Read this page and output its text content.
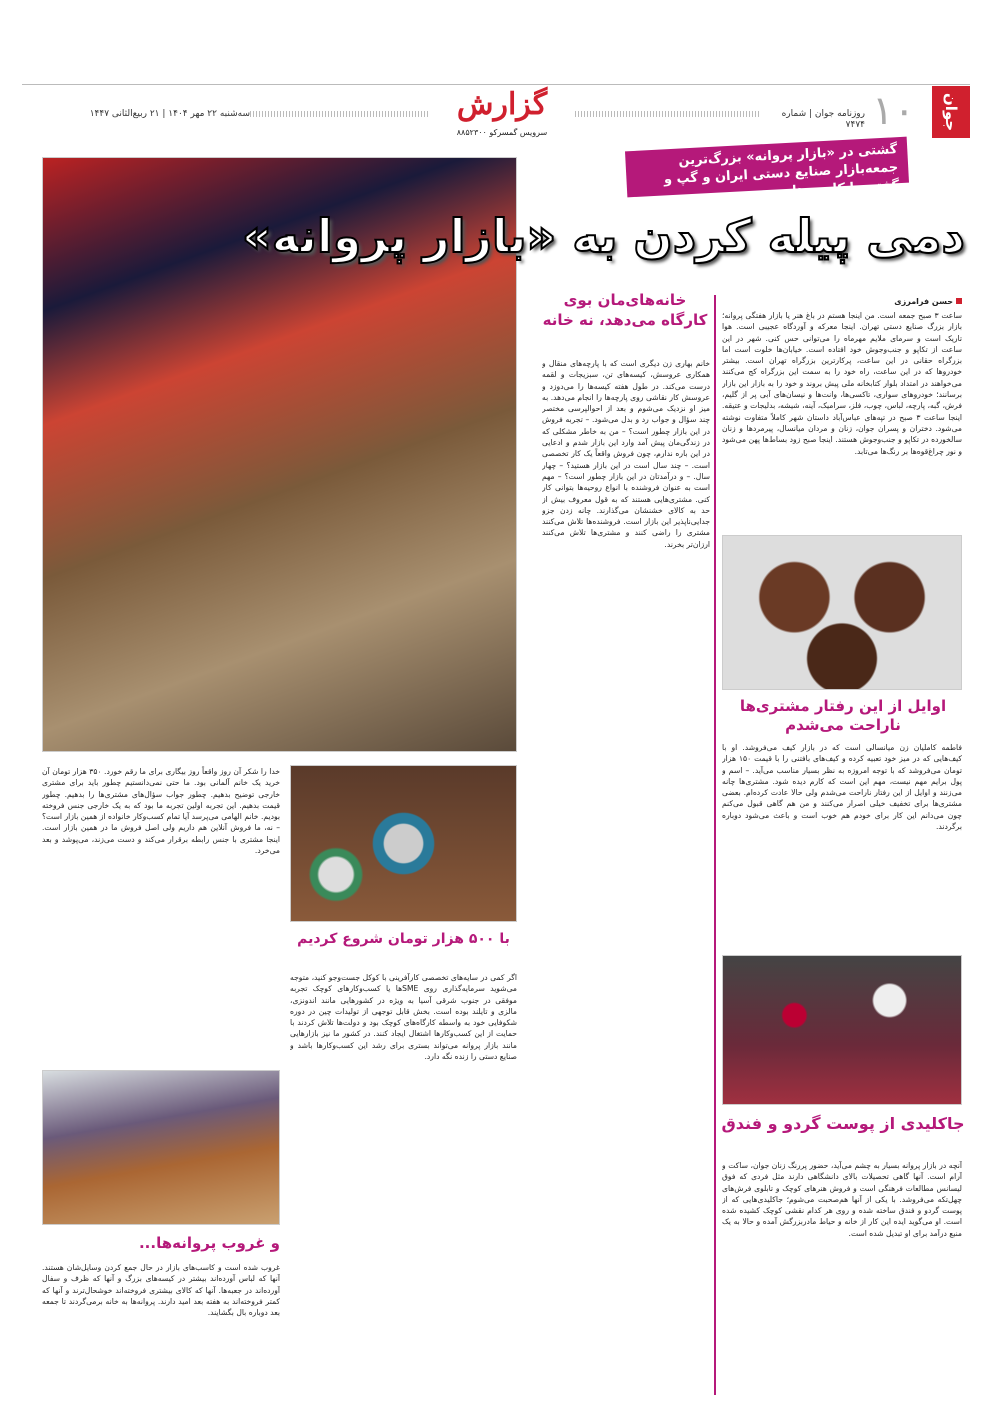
جوان
۱۰
روزنامه جوان | شماره ۷۴۷۴
گزارش
سرویس گمسرکو ۸۸۵۲۳۰۰
سه‌شنبه ۲۲ مهر ۱۴۰۴ | ۲۱ ربیع‌الثانی ۱۴۴۷
گشتی در «بازار پروانه» بزرگ‌ترین جمعه‌بازار صنایع دستی ایران و گپ و گفتی با کاسب‌ها
دمی پیله کردن به «بازار پروانه»
حسن فرامرزی
ساعت ۳ صبح جمعه است. من اینجا هستم در باغ هنر یا بازار هفتگی پروانه؛ بازار بزرگ صنایع دستی تهران. اینجا معرکه و آوردگاه عجیبی است. هوا تاریک است و سرمای ملایم مهرماه را می‌توانی حس کنی. شهر در این ساعت از تکاپو و جنب‌وجوش خود افتاده است. خیابان‌ها خلوت است اما بزرگراه حقانی در این ساعت، پرکارترین بزرگراه تهران است. بیشتر خودروها که در این ساعت، راه خود را به سمت این بزرگراه کج می‌کنند می‌خواهند در امتداد بلوار کتابخانه ملی پیش بروند و خود را به بازار این بازار برسانند؛ خودروهای سواری، تاکسی‌ها، وانت‌ها و نیسان‌های آبی پر از گلیم، فرش، گبه، پارچه، لباس، چوب، فلز، سرامیک، آینه، شیشه، بدلیجات و عتیقه. اینجا ساعت ۳ صبح در تپه‌های عباس‌آباد داستان شهر کاملاً متفاوت نوشته می‌شود. دختران و پسران جوان، زنان و مردان میانسال، پیرمردها و زنان سالخورده در تکاپو و جنب‌وجوش هستند. اینجا صبح زود بساط‌ها پهن می‌شود و نور چراغ‌قوه‌ها بر رنگ‌ها می‌تابد.
اوایل از این رفتار مشتری‌ها ناراحت می‌شدم
فاطمه کاملیان زن میانسالی است که در بازار کیف می‌فروشد. او با کیف‌هایی که در میز خود تعبیه کرده و کیف‌های بافتنی را با قیمت ۱۵۰ هزار تومان می‌فروشد که با توجه امروزه به نظر بسیار مناسب می‌آید. – اسم و پول برایم مهم نیست، مهم این است که کارم دیده شود. مشتری‌ها چانه می‌زنند و اوایل از این رفتار ناراحت می‌شدم ولی حالا عادت کرده‌ام. بعضی مشتری‌ها برای تخفیف خیلی اصرار می‌کنند و من هم گاهی قبول می‌کنم چون می‌دانم این کار برای خودم هم خوب است و باعث می‌شود دوباره برگردند.
جاکلیدی از پوست گردو و فندق
آنچه در بازار پروانه بسیار به چشم می‌آید، حضور پررنگ زنان جوان، ساکت و آرام است. آنها گاهی تحصیلات بالای دانشگاهی دارند مثل فردی که فوق لیسانس مطالعات فرهنگی است و فروش هنرهای کوچک و تابلوی فرش‌های چهل‌تکه می‌فروشد. با یکی از آنها هم‌صحبت می‌شوم؛ جاکلیدی‌هایی که از پوست گردو و فندق ساخته شده و روی هر کدام نقشی کوچک کشیده شده است. او می‌گوید ایده این کار از خانه و حیاط مادربزرگش آمده و حالا به یک منبع درآمد برای او تبدیل شده است.
خانه‌های‌مان بوی کارگاه می‌دهد، نه خانه
خانم بهاری زن دیگری است که با پارچه‌های منقال و همکاری عروسش، کیسه‌های تن، سبزیجات و لقمه درست می‌کند. در طول هفته کیسه‌ها را می‌دوزد و عروسش کار نقاشی روی پارچه‌ها را انجام می‌دهد. به میز او نزدیک می‌شوم و بعد از احوالپرسی مختصر چند سؤال و جواب رد و بدل می‌شود. – تجربه فروش در این بازار چطور است؟ – من به خاطر مشکلی که در زندگی‌مان پیش آمد وارد این بازار شدم و ادعایی در این باره ندارم، چون فروش واقعاً یک کار تخصصی است. – چند سال است در این بازار هستید؟ – چهار سال. – و درآمدتان در این بازار چطور است؟ – مهم است به عنوان فروشنده با انواع روحیه‌ها بتوانی کار کنی. مشتری‌هایی هستند که به قول معروف بیش از حد به کالای خشنشان می‌گذارند. چانه زدن جزو جدایی‌ناپذیر این بازار است. فروشنده‌ها تلاش می‌کنند مشتری را راضی کنند و مشتری‌ها تلاش می‌کنند ارزان‌تر بخرند.
خدا را شکر آن روز واقعاً روز بیگاری برای ما رقم خورد. ۳۵۰ هزار تومان آن خرید یک خانم آلمانی بود. ما حتی نمی‌دانستیم چطور باید برای مشتری خارجی توضیح بدهیم. چطور جواب سؤال‌های مشتری‌ها را بدهیم. چطور قیمت بدهیم. این تجربه اولین تجربه ما بود که به یک خارجی جنس فروخته بودیم. خانم الهامی می‌پرسد آیا تمام کسب‌وکار خانواده از همین بازار است؟ – نه، ما فروش آنلاین هم داریم ولی اصل فروش ما در همین بازار است. اینجا مشتری با جنس رابطه برقرار می‌کند و دست می‌زند، می‌پوشد و بعد می‌خرد.
با ۵۰۰ هزار تومان شروع کردیم
اگر کمی در سایه‌های تخصصی کارآفرینی با کوکل جست‌وجو کنید، متوجه می‌شوید سرمایه‌گذاری روی SMEها یا کسب‌وکارهای کوچک تجربه موفقی در جنوب شرقی آسیا به ویژه در کشورهایی مانند اندونزی، مالزی و تایلند بوده است. بخش قابل توجهی از تولیدات چین در دوره شکوفایی خود به واسطه کارگاه‌های کوچک بود و دولت‌ها تلاش کردند با حمایت از این کسب‌وکارها اشتغال ایجاد کنند. در کشور ما نیز بازارهایی مانند بازار پروانه می‌تواند بستری برای رشد این کسب‌وکارها باشد و صنایع دستی را زنده نگه دارد.
و غروب پروانه‌ها...
غروب شده است و کاسب‌های بازار در حال جمع کردن وسایل‌شان هستند. آنها که لباس آورده‌اند بیشتر در کیسه‌های بزرگ و آنها که ظرف و سفال آورده‌اند در جعبه‌ها. آنها که کالای بیشتری فروخته‌اند خوشحال‌ترند و آنها که کمتر فروخته‌اند به هفته بعد امید دارند. پروانه‌ها به خانه برمی‌گردند تا جمعه بعد دوباره بال بگشایند.
